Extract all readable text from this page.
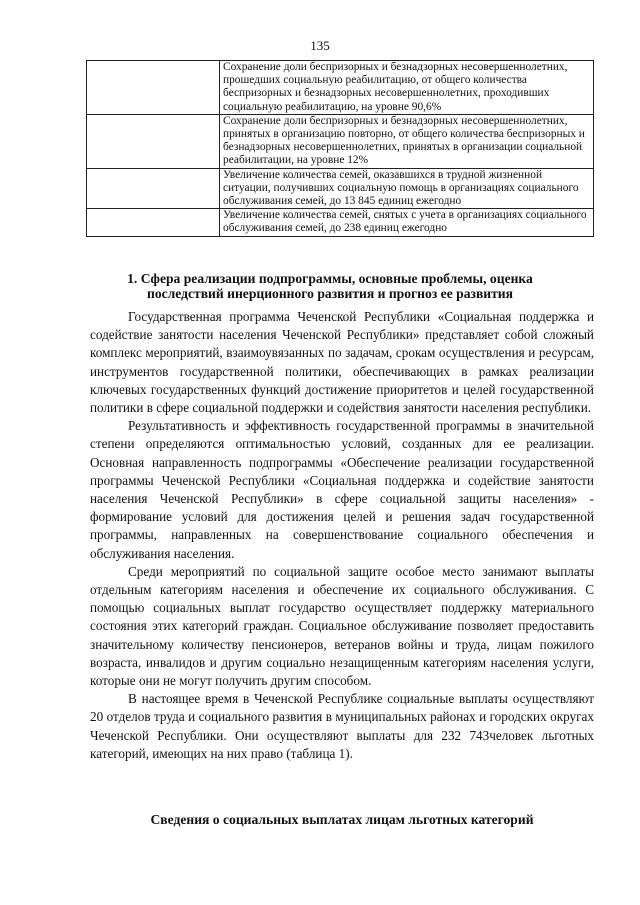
135
	Сохранение доли беспризорных и безнадзорных несовершеннолетних, прошедших социальную реабилитацию, от общего количества беспризорных и безнадзорных несовершеннолетних, проходивших социальную реабилитацию, на уровне 90,6%
	Сохранение доли беспризорных и безнадзорных несовершеннолетних, принятых в организацию повторно, от общего количества беспризорных и безнадзорных несовершеннолетних, принятых в организации социальной реабилитации, на уровне 12%
	Увеличение количества семей, оказавшихся в трудной жизненной ситуации, получивших социальную помощь в организациях социального обслуживания семей, до 13 845 единиц ежегодно
	Увеличение количества семей, снятых с учета в организациях социального обслуживания семей, до 238 единиц ежегодно
1. Сфера реализации подпрограммы, основные проблемы, оценка последствий инерционного развития и прогноз ее развития

Государственная программа Чеченской Республики «Социальная поддержка и содействие занятости населения Чеченской Республики» представляет собой сложный комплекс мероприятий, взаимоувязанных по задачам, срокам осуществления и ресурсам, инструментов государственной политики, обеспечивающих в рамках реализации ключевых государственных функций достижение приоритетов и целей государственной политики в сфере социальной поддержки и содействия занятости населения республики.

Результативность и эффективность государственной программы в значительной степени определяются оптимальностью условий, созданных для ее реализации. Основная направленность подпрограммы «Обеспечение реализации государственной программы Чеченской Республики «Социальная поддержка и содействие занятости населения Чеченской Республики» в сфере социальной защиты населения» - формирование условий для достижения целей и решения задач государственной программы, направленных на совершенствование социального обеспечения и обслуживания населения.

Среди мероприятий по социальной защите особое место занимают выплаты отдельным категориям населения и обеспечение их социального обслуживания. С помощью социальных выплат государство осуществляет поддержку материального состояния этих категорий граждан. Социальное обслуживание позволяет предоставить значительному количеству пенсионеров, ветеранов войны и труда, лицам пожилого возраста, инвалидов и другим социально незащищенным категориям населения услуги, которые они не могут получить другим способом.

В настоящее время в Чеченской Республике социальные выплаты осуществляют 20 отделов труда и социального развития в муниципальных районах и городских округах Чеченской Республики. Они осуществляют выплаты для 232 743человек льготных категорий, имеющих на них право (таблица 1).

Сведения о социальных выплатах лицам льготных категорий
